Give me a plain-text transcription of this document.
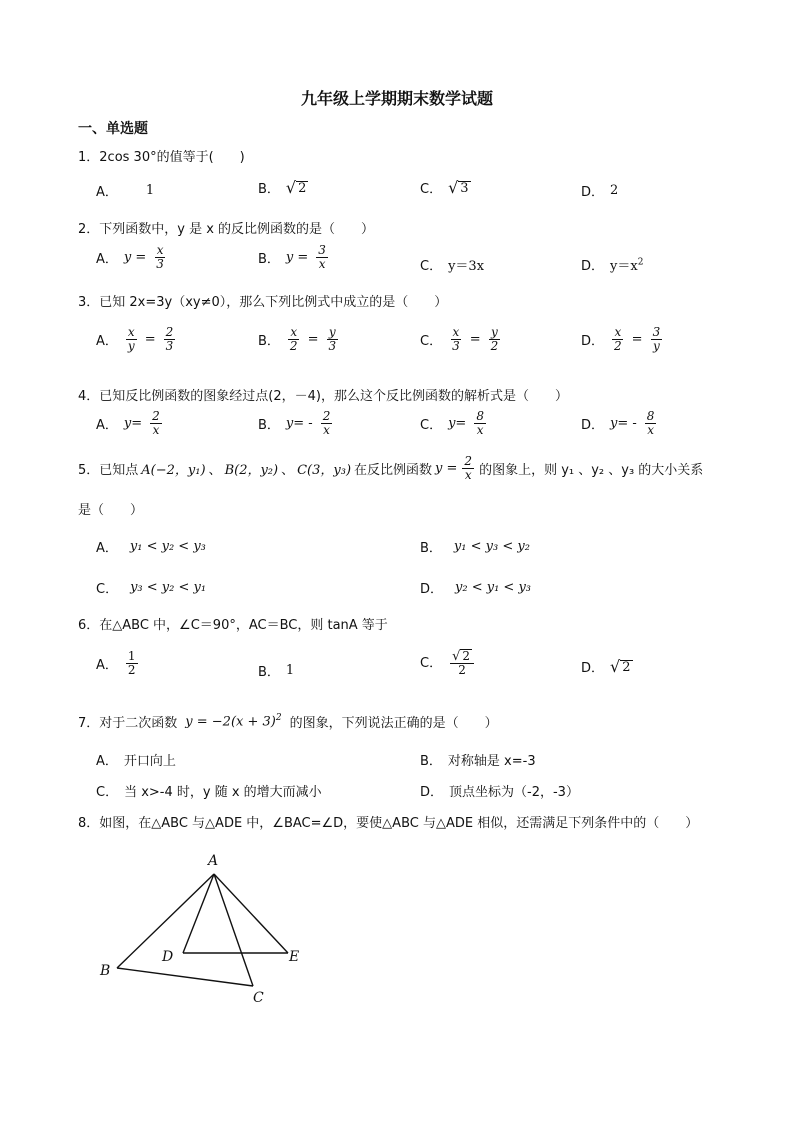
九年级上学期期末数学试题
一、单选题
1．2cos 30°的值等于(　　)
A． 1	B． √ 2	C． √ 3	D． 2
2．下列函数中，y 是 x 的反比例函数的是（　　）
A． $y = \frac{x}{3}$	B． $y = \frac{3}{x}$	C． y＝3x	D． $y=x^2$
3．已知 2x=3y（xy≠0），那么下列比例式中成立的是（　　）
A． $\frac{x}{y} = \frac{2}{3}$	B． $\frac{x}{2} = \frac{y}{3}$	C． $\frac{x}{3} = \frac{y}{2}$	D． $\frac{x}{2} = \frac{3}{y}$
4．已知反比例函数的图象经过点(2，－4)，那么这个反比例函数的解析式是（　　）
A． $y= \frac{2}{x}$	B． $y= - \frac{2}{x}$	C． $y= \frac{8}{x}$	D． $y= - \frac{8}{x}$
5．已知点 A(−2，y₁) 、 B(2，y₂) 、 C(3，y₃) 在反比例函数 $y = \frac{2}{x}$ 的图象上，则 y₁ 、y₂ 、y₃ 的大小关系
是（　　）
A． y₁ < y₂ < y₃	B． y₁ < y₃ < y₂
C． y₃ < y₂ < y₁	D． y₂ < y₁ < y₃
6．在△ABC 中，∠C＝90°，AC＝BC，则 tanA 等于
A． $\frac{1}{2}$	B． 1	C． $\frac{√ 2}{2}$	D． √ 2
7．对于二次函数 $y = -2(x + 3)^2$ 的图象，下列说法正确的是（　　）
A． 开口向上	B． 对称轴是 x=-3
C． 当 x>-4 时，y 随 x 的增大而减小	D． 顶点坐标为（-2，-3）
8．如图，在△ABC 与△ADE 中，∠BAC=∠D，要使△ABC 与△ADE 相似，还需满足下列条件中的（　　）
A
B
C
D	E
